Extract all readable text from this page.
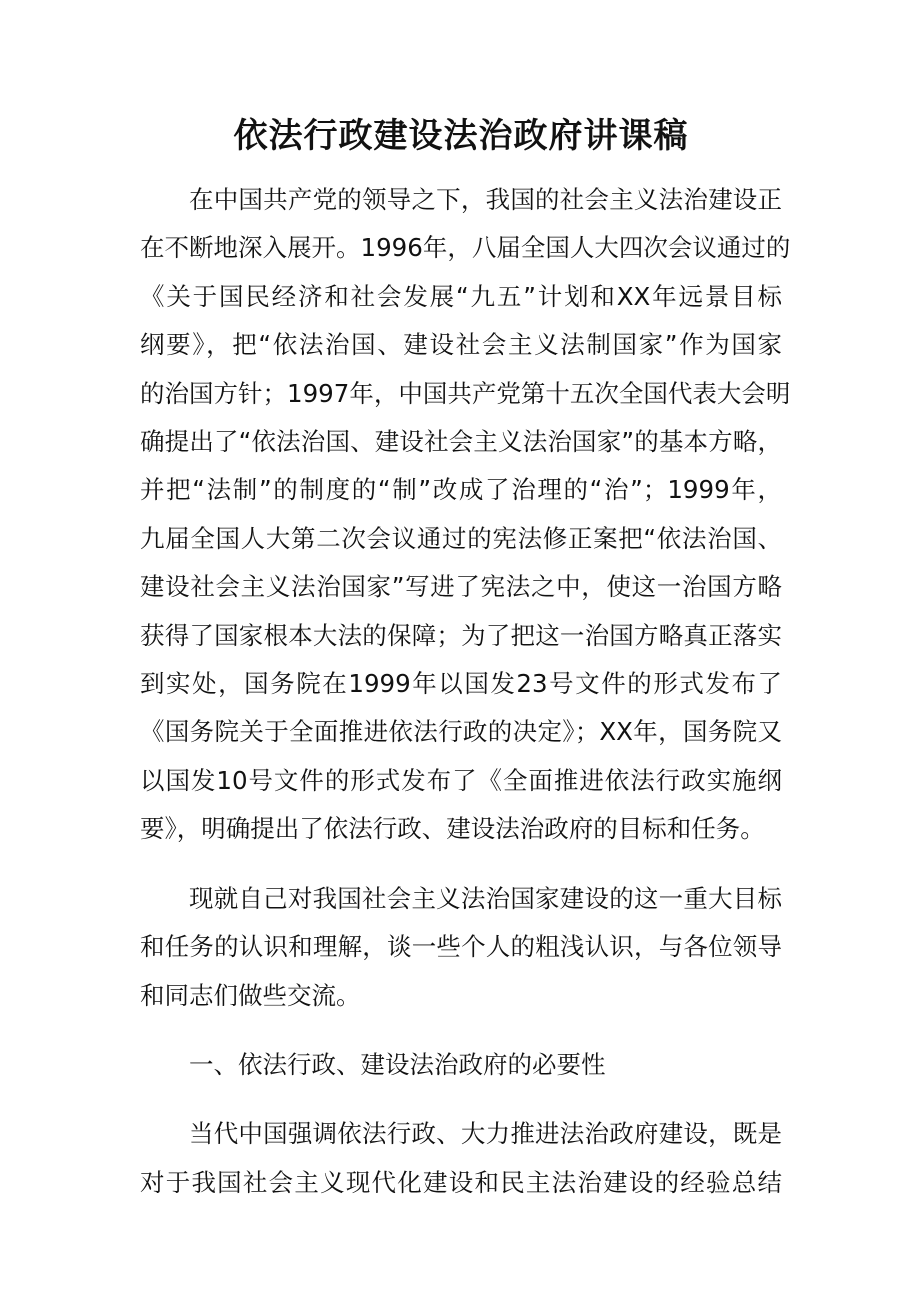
依法行政建设法治政府讲课稿
在中国共产党的领导之下，我国的社会主义法治建设正
在不断地深入展开。1996年，八届全国人大四次会议通过的
《关于国民经济和社会发展“九五”计划和XX年远景目标
纲要》，把“依法治国、建设社会主义法制国家”作为国家
的治国方针；1997年，中国共产党第十五次全国代表大会明
确提出了“依法治国、建设社会主义法治国家”的基本方略，
并把“法制”的制度的“制”改成了治理的“治”；1999年，
九届全国人大第二次会议通过的宪法修正案把“依法治国、
建设社会主义法治国家”写进了宪法之中，使这一治国方略
获得了国家根本大法的保障；为了把这一治国方略真正落实
到实处，国务院在1999年以国发23号文件的形式发布了
《国务院关于全面推进依法行政的决定》；XX年，国务院又
以国发10号文件的形式发布了《全面推进依法行政实施纲
要》，明确提出了依法行政、建设法治政府的目标和任务。
现就自己对我国社会主义法治国家建设的这一重大目标
和任务的认识和理解，谈一些个人的粗浅认识，与各位领导
和同志们做些交流。
一、依法行政、建设法治政府的必要性
当代中国强调依法行政、大力推进法治政府建设，既是
对于我国社会主义现代化建设和民主法治建设的经验总结
